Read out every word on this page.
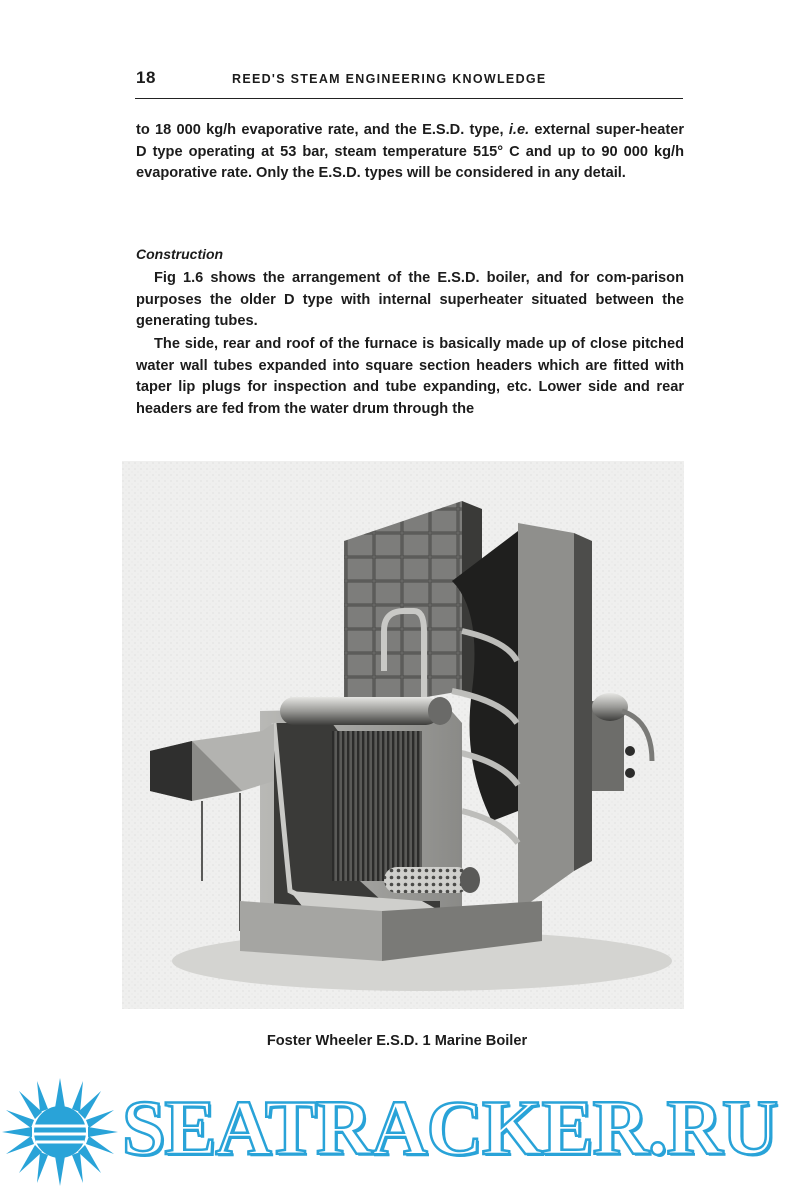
18	REED'S STEAM ENGINEERING KNOWLEDGE

to 18 000 kg/h evaporative rate, and the E.S.D. type, i.e. external super-heater D type operating at 53 bar, steam temperature 515° C and up to 90 000 kg/h evaporative rate. Only the E.S.D. types will be considered in any detail.

Construction

Fig 1.6 shows the arrangement of the E.S.D. boiler, and for com-parison purposes the older D type with internal superheater situated between the generating tubes.

The side, rear and roof of the furnace is basically made up of close pitched water wall tubes expanded into square section headers which are fitted with taper lip plugs for inspection and tube expanding, etc. Lower side and rear headers are fed from the water drum through the

Foster Wheeler E.S.D. 1 Marine Boiler
SEATRACKER.RU
